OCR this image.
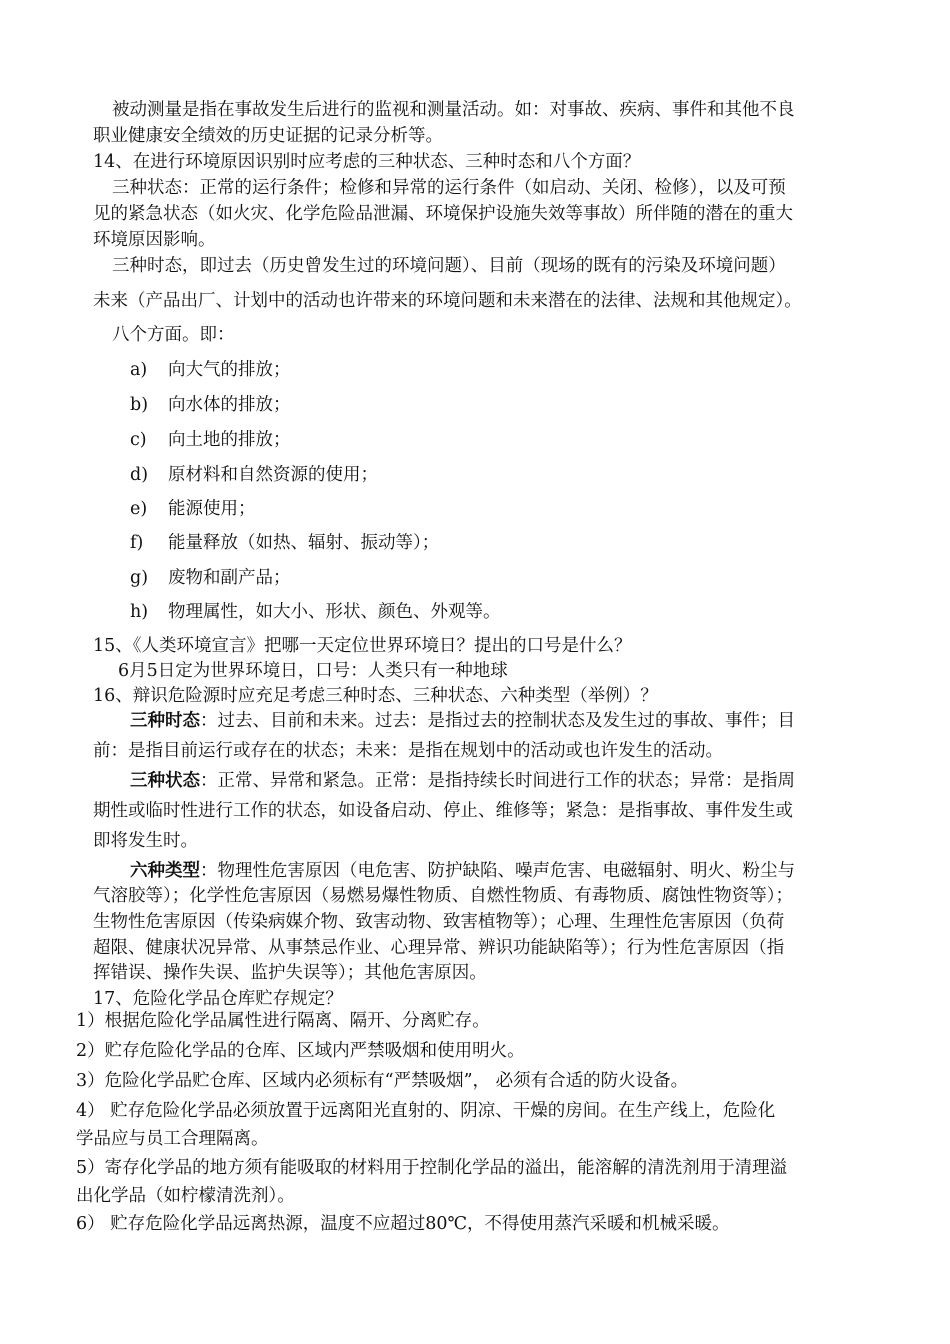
被动测量是指在事故发生后进行的监视和测量活动。如：对事故、疾病、事件和其他不良
职业健康安全绩效的历史证据的记录分析等。
14、在进行环境原因识别时应考虑的三种状态、三种时态和八个方面？
三种状态：正常的运行条件；检修和异常的运行条件（如启动、关闭、检修），以及可预
见的紧急状态（如火灾、化学危险品泄漏、环境保护设施失效等事故）所伴随的潜在的重大
环境原因影响。
三种时态，即过去（历史曾发生过的环境问题）、目前（现场的既有的污染及环境问题）
未来（产品出厂、计划中的活动也许带来的环境问题和未来潜在的法律、法规和其他规定）。
八个方面。即：
a) 向大气的排放；
b) 向水体的排放；
c) 向土地的排放；
d) 原材料和自然资源的使用；
e) 能源使用；
f) 能量释放（如热、辐射、振动等）；
g) 废物和副产品；
h) 物理属性，如大小、形状、颜色、外观等。
15、《人类环境宣言》把哪一天定位世界环境日？提出的口号是什么？
6月5日定为世界环境日，口号：人类只有一种地球
16、辩识危险源时应充足考虑三种时态、三种状态、六种类型（举例）？
三种时态：过去、目前和未来。过去：是指过去的控制状态及发生过的事故、事件；目
前：是指目前运行或存在的状态；未来：是指在规划中的活动或也许发生的活动。
三种状态：正常、异常和紧急。正常：是指持续长时间进行工作的状态；异常：是指周
期性或临时性进行工作的状态，如设备启动、停止、维修等；紧急：是指事故、事件发生或
即将发生时。
六种类型：物理性危害原因（电危害、防护缺陷、噪声危害、电磁辐射、明火、粉尘与
气溶胶等）；化学性危害原因（易燃易爆性物质、自燃性物质、有毒物质、腐蚀性物资等）；
生物性危害原因（传染病媒介物、致害动物、致害植物等）；心理、生理性危害原因（负荷
超限、健康状况异常、从事禁忌作业、心理异常、辨识功能缺陷等）；行为性危害原因（指
挥错误、操作失误、监护失误等）；其他危害原因。
17、危险化学品仓库贮存规定？
1）根据危险化学品属性进行隔离、隔开、分离贮存。
2）贮存危险化学品的仓库、区域内严禁吸烟和使用明火。
3）危险化学品贮仓库、区域内必须标有“严禁吸烟”， 必须有合适的防火设备。
4） 贮存危险化学品必须放置于远离阳光直射的、阴凉、干燥的房间。在生产线上，危险化
学品应与员工合理隔离。
5）寄存化学品的地方须有能吸取的材料用于控制化学品的溢出，能溶解的清洗剂用于清理溢
出化学品（如柠檬清洗剂）。
6） 贮存危险化学品远离热源，温度不应超过80℃，不得使用蒸汽采暖和机械采暖。
